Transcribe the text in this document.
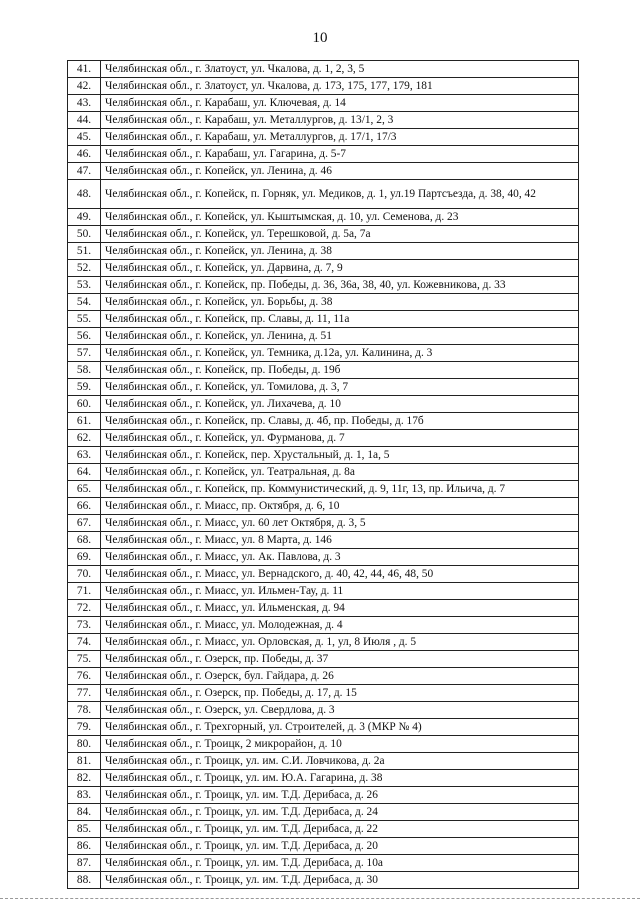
10
41.	Челябинская обл., г. Златоуст, ул. Чкалова, д. 1, 2, 3, 5
42.	Челябинская обл., г. Златоуст, ул. Чкалова, д. 173, 175, 177, 179, 181
43.	Челябинская обл., г. Карабаш, ул. Ключевая, д. 14
44.	Челябинская обл., г. Карабаш, ул. Металлургов, д. 13/1, 2, 3
45.	Челябинская обл., г. Карабаш, ул. Металлургов, д. 17/1, 17/3
46.	Челябинская обл., г. Карабаш, ул. Гагарина, д. 5-7
47.	Челябинская обл., г. Копейск, ул. Ленина, д. 46
48.	Челябинская обл., г. Копейск, п. Горняк, ул. Медиков, д. 1, ул.19 Партсъезда, д. 38, 40, 42
49.	Челябинская обл., г. Копейск, ул. Кыштымская, д. 10, ул. Семенова, д. 23
50.	Челябинская обл., г. Копейск, ул. Терешковой, д. 5а, 7а
51.	Челябинская обл., г. Копейск, ул. Ленина, д. 38
52.	Челябинская обл., г. Копейск, ул. Дарвина, д. 7, 9
53.	Челябинская обл., г. Копейск, пр. Победы, д. 36, 36а, 38, 40, ул. Кожевникова, д. 33
54.	Челябинская обл., г. Копейск, ул. Борьбы, д. 38
55.	Челябинская обл., г. Копейск, пр. Славы, д. 11, 11а
56.	Челябинская обл., г. Копейск, ул. Ленина, д. 51
57.	Челябинская обл., г. Копейск, ул. Темника, д.12а, ул. Калинина, д. 3
58.	Челябинская обл., г. Копейск, пр. Победы, д. 19б
59.	Челябинская обл., г. Копейск, ул. Томилова, д. 3, 7
60.	Челябинская обл., г. Копейск, ул. Лихачева, д. 10
61.	Челябинская обл., г. Копейск, пр. Славы, д. 4б, пр. Победы, д. 17б
62.	Челябинская обл., г. Копейск, ул. Фурманова, д. 7
63.	Челябинская обл., г. Копейск, пер. Хрустальный, д. 1, 1а, 5
64.	Челябинская обл., г. Копейск, ул. Театральная, д. 8а
65.	Челябинская обл., г. Копейск, пр. Коммунистический, д. 9, 11г, 13, пр. Ильича, д. 7
66.	Челябинская обл., г. Миасс, пр. Октября, д. 6, 10
67.	Челябинская обл., г. Миасс, ул. 60 лет Октября, д. 3, 5
68.	Челябинская обл., г. Миасс, ул. 8 Марта, д. 146
69.	Челябинская обл., г. Миасс, ул. Ак. Павлова, д. 3
70.	Челябинская обл., г. Миасс, ул. Вернадского, д. 40, 42, 44, 46, 48, 50
71.	Челябинская обл., г. Миасс, ул. Ильмен-Тау, д. 11
72.	Челябинская обл., г. Миасс, ул. Ильменская, д. 94
73.	Челябинская обл., г. Миасс, ул. Молодежная, д. 4
74.	Челябинская обл., г. Миасс, ул. Орловская, д. 1, ул, 8 Июля , д. 5
75.	Челябинская обл., г. Озерск, пр. Победы, д. 37
76.	Челябинская обл., г. Озерск, бул. Гайдара, д. 26
77.	Челябинская обл., г. Озерск, пр. Победы, д. 17, д. 15
78.	Челябинская обл., г. Озерск, ул. Свердлова, д. 3
79.	Челябинская обл., г. Трехгорный, ул. Строителей, д. 3 (МКР № 4)
80.	Челябинская обл., г. Троицк, 2 микрорайон, д. 10
81.	Челябинская обл., г. Троицк, ул. им. С.И. Ловчикова, д. 2а
82.	Челябинская обл., г. Троицк, ул. им. Ю.А. Гагарина, д. 38
83.	Челябинская обл., г. Троицк, ул. им. Т.Д. Дерибаса, д. 26
84.	Челябинская обл., г. Троицк, ул. им. Т.Д. Дерибаса, д. 24
85.	Челябинская обл., г. Троицк, ул. им. Т.Д. Дерибаса, д. 22
86.	Челябинская обл., г. Троицк, ул. им. Т.Д. Дерибаса, д. 20
87.	Челябинская обл., г. Троицк, ул. им. Т.Д. Дерибаса, д. 10а
88.	Челябинская обл., г. Троицк, ул. им. Т.Д. Дерибаса, д. 30
